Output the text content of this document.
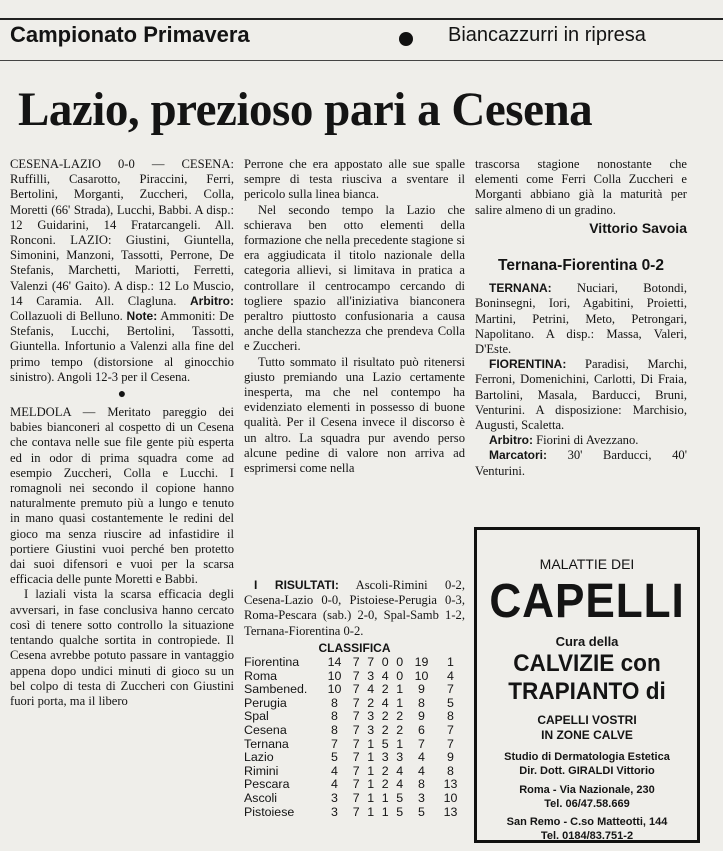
Campionato Primavera	Biancazzurri in ripresa
Lazio, prezioso pari a Cesena

CESENA-LAZIO 0-0 — CESENA: Ruffilli, Casarotto, Piraccini, Ferri, Bertolini, Morganti, Zuccheri, Colla, Moretti (66' Strada), Lucchi, Babbi. A disp.: 12 Guidarini, 14 Fratarcangeli. All. Ronconi. LAZIO: Giustini, Giuntella, Simonini, Manzoni, Tassotti, Perrone, De Stefanis, Marchetti, Mariotti, Ferretti, Valenzi (46' Gaito). A disp.: 12 Lo Muscio, 14 Caramia. All. Clagluna. Arbitro: Collazuoli di Belluno. Note: Ammoniti: De Stefanis, Lucchi, Bertolini, Tassotti, Giuntella. Infortunio a Valenzi alla fine del primo tempo (distorsione al ginocchio sinistro). Angoli 12-3 per il Cesena.

●

MELDOLA — Meritato pareggio dei babies bianconeri al cospetto di un Cesena che contava nelle sue file gente più esperta ed in odor di prima squadra come ad esempio Zuccheri, Colla e Lucchi. I romagnoli nei secondo il copione hanno naturalmente premuto più a lungo e tenuto in mano quasi costantemente le redini del gioco ma senza riuscire ad infastidire il portiere Giustini vuoi perché ben protetto dai suoi difensori e vuoi per la scarsa efficacia delle punte Moretti e Babbi.

I laziali vista la scarsa efficacia degli avversari, in fase conclusiva hanno cercato così di tenere sotto controllo la situazione tentando qualche sortita in contropiede. Il Cesena avrebbe potuto passare in vantaggio appena dopo undici minuti di gioco su un bel colpo di testa di Zuccheri con Giustini fuori porta, ma il libero

Perrone che era appostato alle sue spalle sempre di testa riusciva a sventare il pericolo sulla linea bianca.

Nel secondo tempo la Lazio che schierava ben otto elementi della formazione che nella precedente stagione si era aggiudicata il titolo nazionale della categoria allievi, si limitava in pratica a controllare il centrocampo cercando di togliere spazio all'iniziativa bianconera peraltro piuttosto confusionaria a causa anche della stanchezza che prendeva Colla e Zuccheri.

Tutto sommato il risultato può ritenersi giusto premiando una Lazio certamente inesperta, ma che nel contempo ha evidenziato elementi in possesso di buone qualità. Per il Cesena invece il discorso è un altro. La squadra pur avendo perso alcune pedine di valore non arriva ad esprimersi come nella

I RISULTATI: Ascoli-Rimini 0-2, Cesena-Lazio 0-0, Pistoiese-Perugia 0-3, Roma-Pescara (sab.) 2-0, Spal-Samb 1-2, Ternana-Fiorentina 0-2.

CLASSIFICA

Fiorentina	14	7	7	0	0	19	1
Roma	10	7	3	4	0	10	4
Sambened.	10	7	4	2	1	9	7
Perugia	8	7	2	4	1	8	5
Spal	8	7	3	2	2	9	8
Cesena	8	7	3	2	2	6	7
Ternana	7	7	1	5	1	7	7
Lazio	5	7	1	3	3	4	9
Rimini	4	7	1	2	4	4	8
Pescara	4	7	1	2	4	8	13
Ascoli	3	7	1	1	5	3	10
Pistoiese	3	7	1	1	5	5	13

trascorsa stagione nonostante che elementi come Ferri Colla Zuccheri e Morganti abbiano già la maturità per salire almeno di un gradino.

Vittorio Savoia
Ternana-Fiorentina 0-2

TERNANA: Nuciari, Botondi, Boninsegni, Iori, Agabitini, Proietti, Martini, Petrini, Meto, Petrongari, Napolitano. A disp.: Massa, Valeri, D'Este.

FIORENTINA: Paradisi, Marchi, Ferroni, Domenichini, Carlotti, Di Fraia, Bartolini, Masala, Barducci, Bruni, Venturini. A disposizione: Marchisio, Augusti, Scaletta.

Arbitro: Fiorini di Avezzano.

Marcatori: 30' Barducci, 40' Venturini.

MALATTIE DEI
CAPELLI
Cura della
CALVIZIE con
TRAPIANTO di
CAPELLI VOSTRI
IN ZONE CALVE
Studio di Dermatologia Estetica
Dir. Dott. GIRALDI Vittorio
Roma - Via Nazionale, 230
Tel. 06/47.58.669
San Remo - C.so Matteotti, 144
Tel. 0184/83.751-2
